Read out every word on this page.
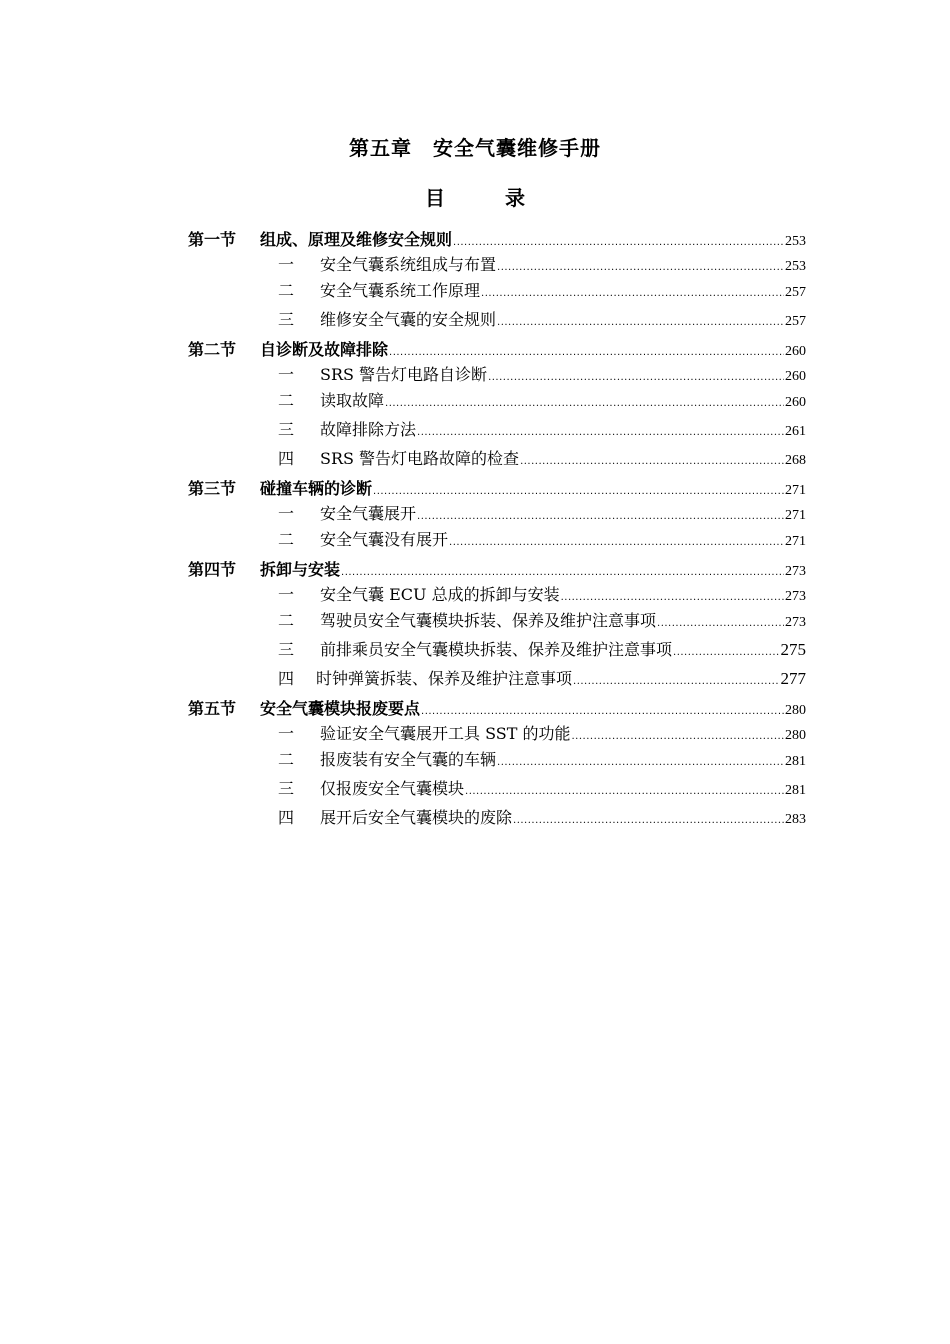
第五章　安全气囊维修手册
目　　　录
第一节	组成、原理及维修安全规则 .....	253
一	安全气囊系统组成与布置 .....	253
二	安全气囊系统工作原理 .....	257
三	维修安全气囊的安全规则 .....	257
第二节	自诊断及故障排除 .....	260
一	SRS 警告灯电路自诊断 .....	260
二	读取故障 .....	260
三	故障排除方法 .....	261
四	SRS 警告灯电路故障的检查 .....	268
第三节	碰撞车辆的诊断 .....	271
一	安全气囊展开 .....	271
二	安全气囊没有展开 .....	271
第四节	拆卸与安装 .....	273
一	安全气囊 ECU 总成的拆卸与安装 .....	273
二	驾驶员安全气囊模块拆装、保养及维护注意事项 .....	273
三	前排乘员安全气囊模块拆装、保养及维护注意事项 .....	275
四	时钟弹簧拆装、保养及维护注意事项 .....	277
第五节	安全气囊模块报废要点 .....	280
一	验证安全气囊展开工具 SST 的功能 .....	280
二	报废装有安全气囊的车辆 .....	281
三	仅报废安全气囊模块 .....	281
四	展开后安全气囊模块的废除 .....	283
